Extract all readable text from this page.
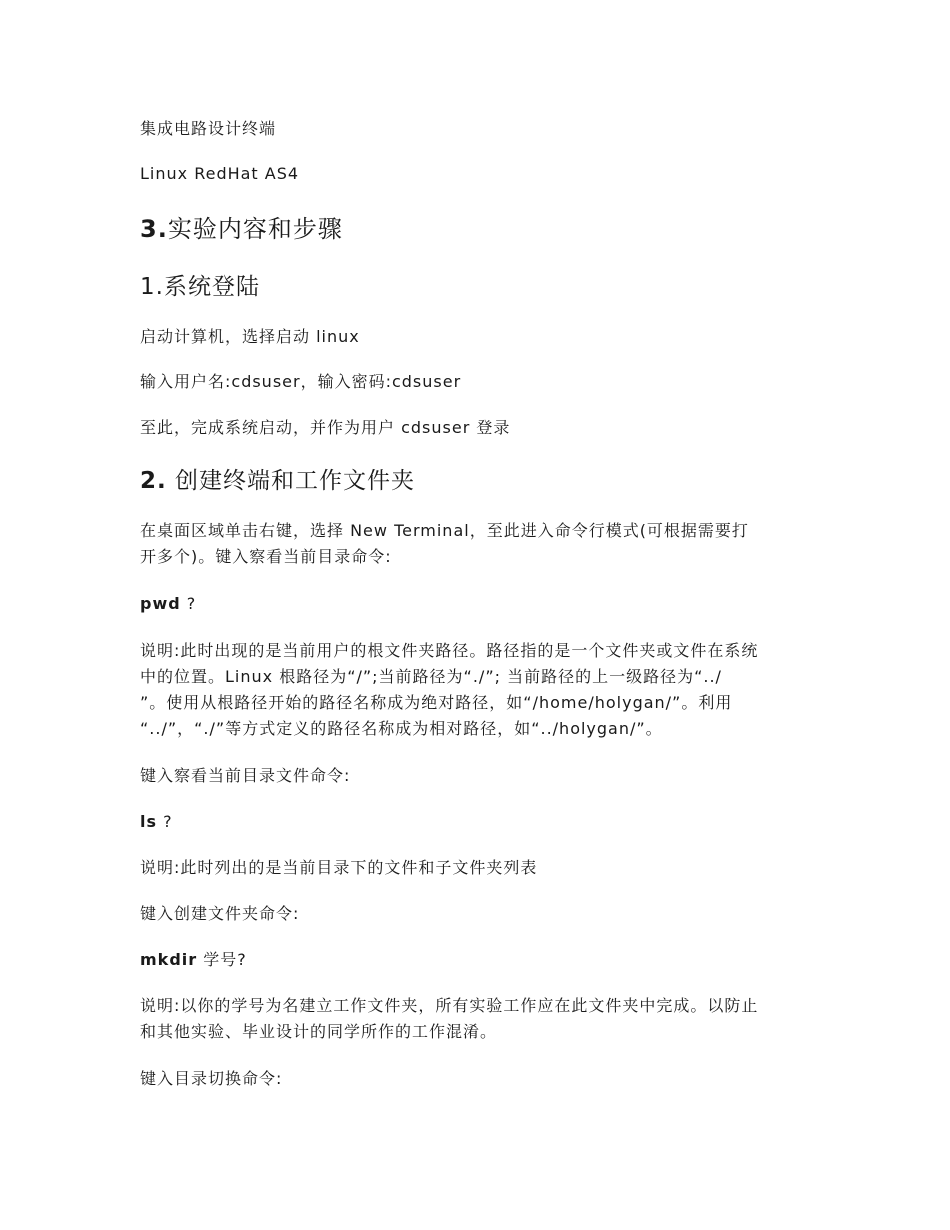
集成电路设计终端
Linux RedHat AS4
3.实验内容和步骤
1.系统登陆
启动计算机，选择启动 linux
输入用户名:cdsuser，输入密码:cdsuser
至此，完成系统启动，并作为用户 cdsuser 登录
2. 创建终端和工作文件夹
在桌面区域单击右键，选择 New Terminal，至此进入命令行模式(可根据需要打
开多个)。键入察看当前目录命令:
pwd ?
说明:此时出现的是当前用户的根文件夹路径。路径指的是一个文件夹或文件在系统
中的位置。Linux 根路径为“/”;当前路径为“./”; 当前路径的上一级路径为“../
”。使用从根路径开始的路径名称成为绝对路径，如“/home/holygan/”。利用
“../”，“./”等方式定义的路径名称成为相对路径，如“../holygan/”。
键入察看当前目录文件命令:
ls ?
说明:此时列出的是当前目录下的文件和子文件夹列表
键入创建文件夹命令:
mkdir 学号?
说明:以你的学号为名建立工作文件夹，所有实验工作应在此文件夹中完成。以防止
和其他实验、毕业设计的同学所作的工作混淆。
键入目录切换命令:
